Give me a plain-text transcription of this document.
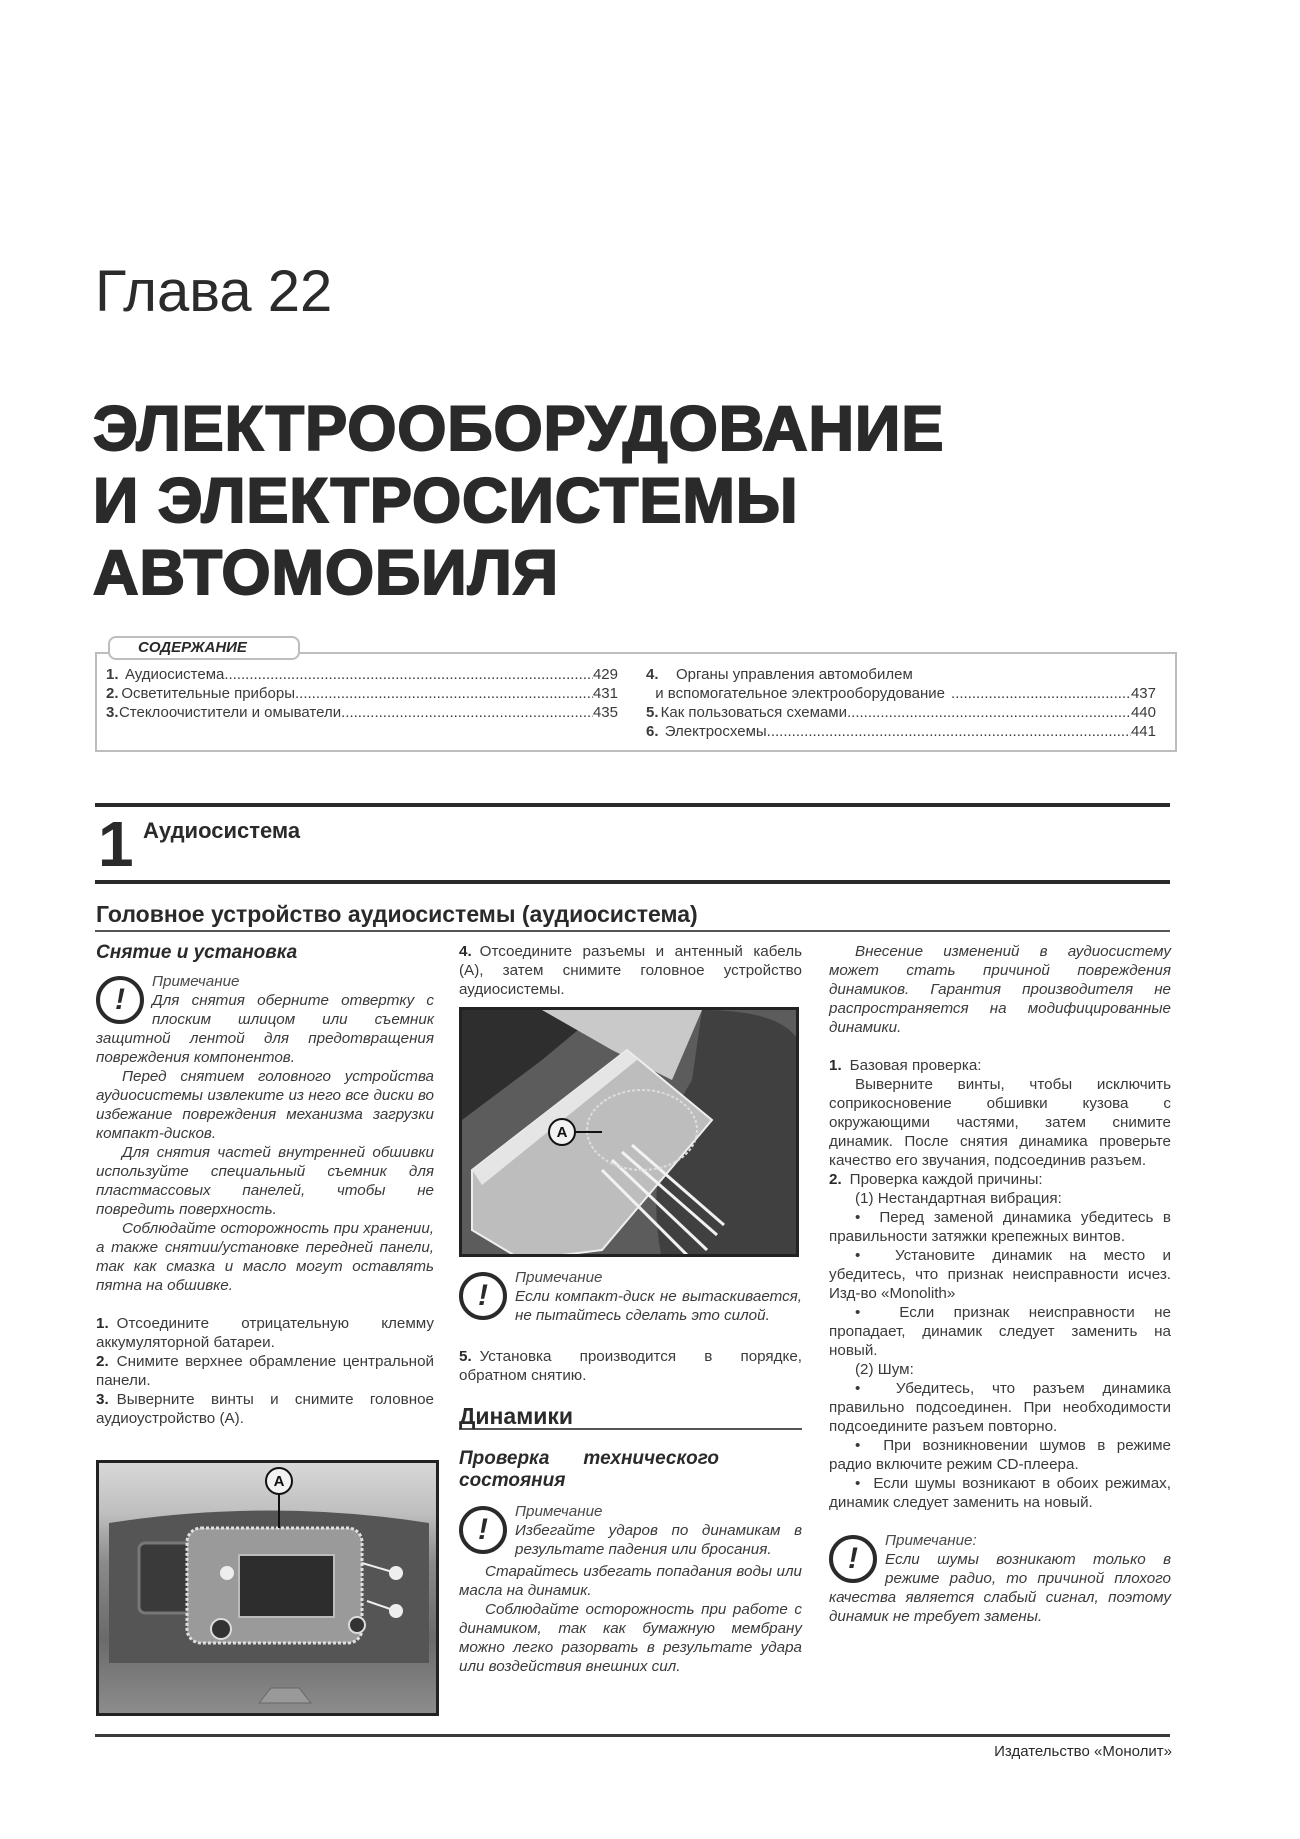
Глава 22
ЭЛЕКТРООБОРУДОВАНИЕ
И ЭЛЕКТРОСИСТЕМЫ
АВТОМОБИЛЯ
СОДЕРЖАНИЕ
1. Аудиосистема .....	429
2. Осветительные приборы .....	431
3. Стеклоочистители и омыватели .....	435
4.	Органы управления автомобилем
и вспомогательное электрооборудование .....	437
5. Как пользоваться схемами .....	440
6. Электросхемы .....	441
1 Аудиосистема
Головное устройство аудиосистемы (аудиосистема)
Снятие и установка
!
Примечание

Для снятия оберните отвертку с плоским шлицом или съемник защитной лентой для предотвращения повреждения компонентов.

Перед снятием головного устройства аудиосистемы извлеките из него все диски во избежание повреждения механизма загрузки компакт-дисков.

Для снятия частей внутренней обшивки используйте специальный съемник для пластмассовых панелей, чтобы не повредить поверхность.

Соблюдайте осторожность при хранении, а также снятии/установке передней панели, так как смазка и масло могут оставлять пятна на обшивке.

1. Отсоедините отрицательную клемму аккумуляторной батареи.

2. Снимите верхнее обрамление центральной панели.

3. Выверните винты и снимите головное аудиоустройство (А).

A

4. Отсоедините разъемы и антенный кабель (А), затем снимите головное устройство аудиосистемы.

A
!
Примечание

Если компакт-диск не вытаскивается, не пытайтесь сделать это силой.

5. Установка производится в порядке, обратном снятию.

Динамики
Проверка технического состояния
!
Примечание

Избегайте ударов по динамикам в результате падения или бросания.

Старайтесь избегать попадания воды или масла на динамик.

Соблюдайте осторожность при работе с динамиком, так как бумажную мембрану можно легко разорвать в результате удара или воздействия внешних сил.

Внесение изменений в аудиосистему может стать причиной повреждения динамиков. Гарантия производителя не распространяется на модифицированные динамики.

1. Базовая проверка:

Выверните винты, чтобы исключить соприкосновение обшивки кузова с окружающими частями, затем снимите динамик. После снятия динамика проверьте качество его звучания, подсоединив разъем.

2. Проверка каждой причины:

(1) Нестандартная вибрация:

•  Перед заменой динамика убедитесь в правильности затяжки крепежных винтов.

•  Установите динамик на место и убедитесь, что признак неисправности исчез. Изд-во «Monolith»

•  Если признак неисправности не пропадает, динамик следует заменить на новый.

(2) Шум:

•  Убедитесь, что разъем динамика правильно подсоединен. При необходимости подсоедините разъем повторно.

•  При возникновении шумов в режиме радио включите режим CD-плеера.

•  Если шумы возникают в обоих режимах, динамик следует заменить на новый.

!
Примечание:

Если шумы возникают только в режиме радио, то причиной плохого качества является слабый сигнал, поэтому динамик не требует замены.

Издательство «Монолит»
